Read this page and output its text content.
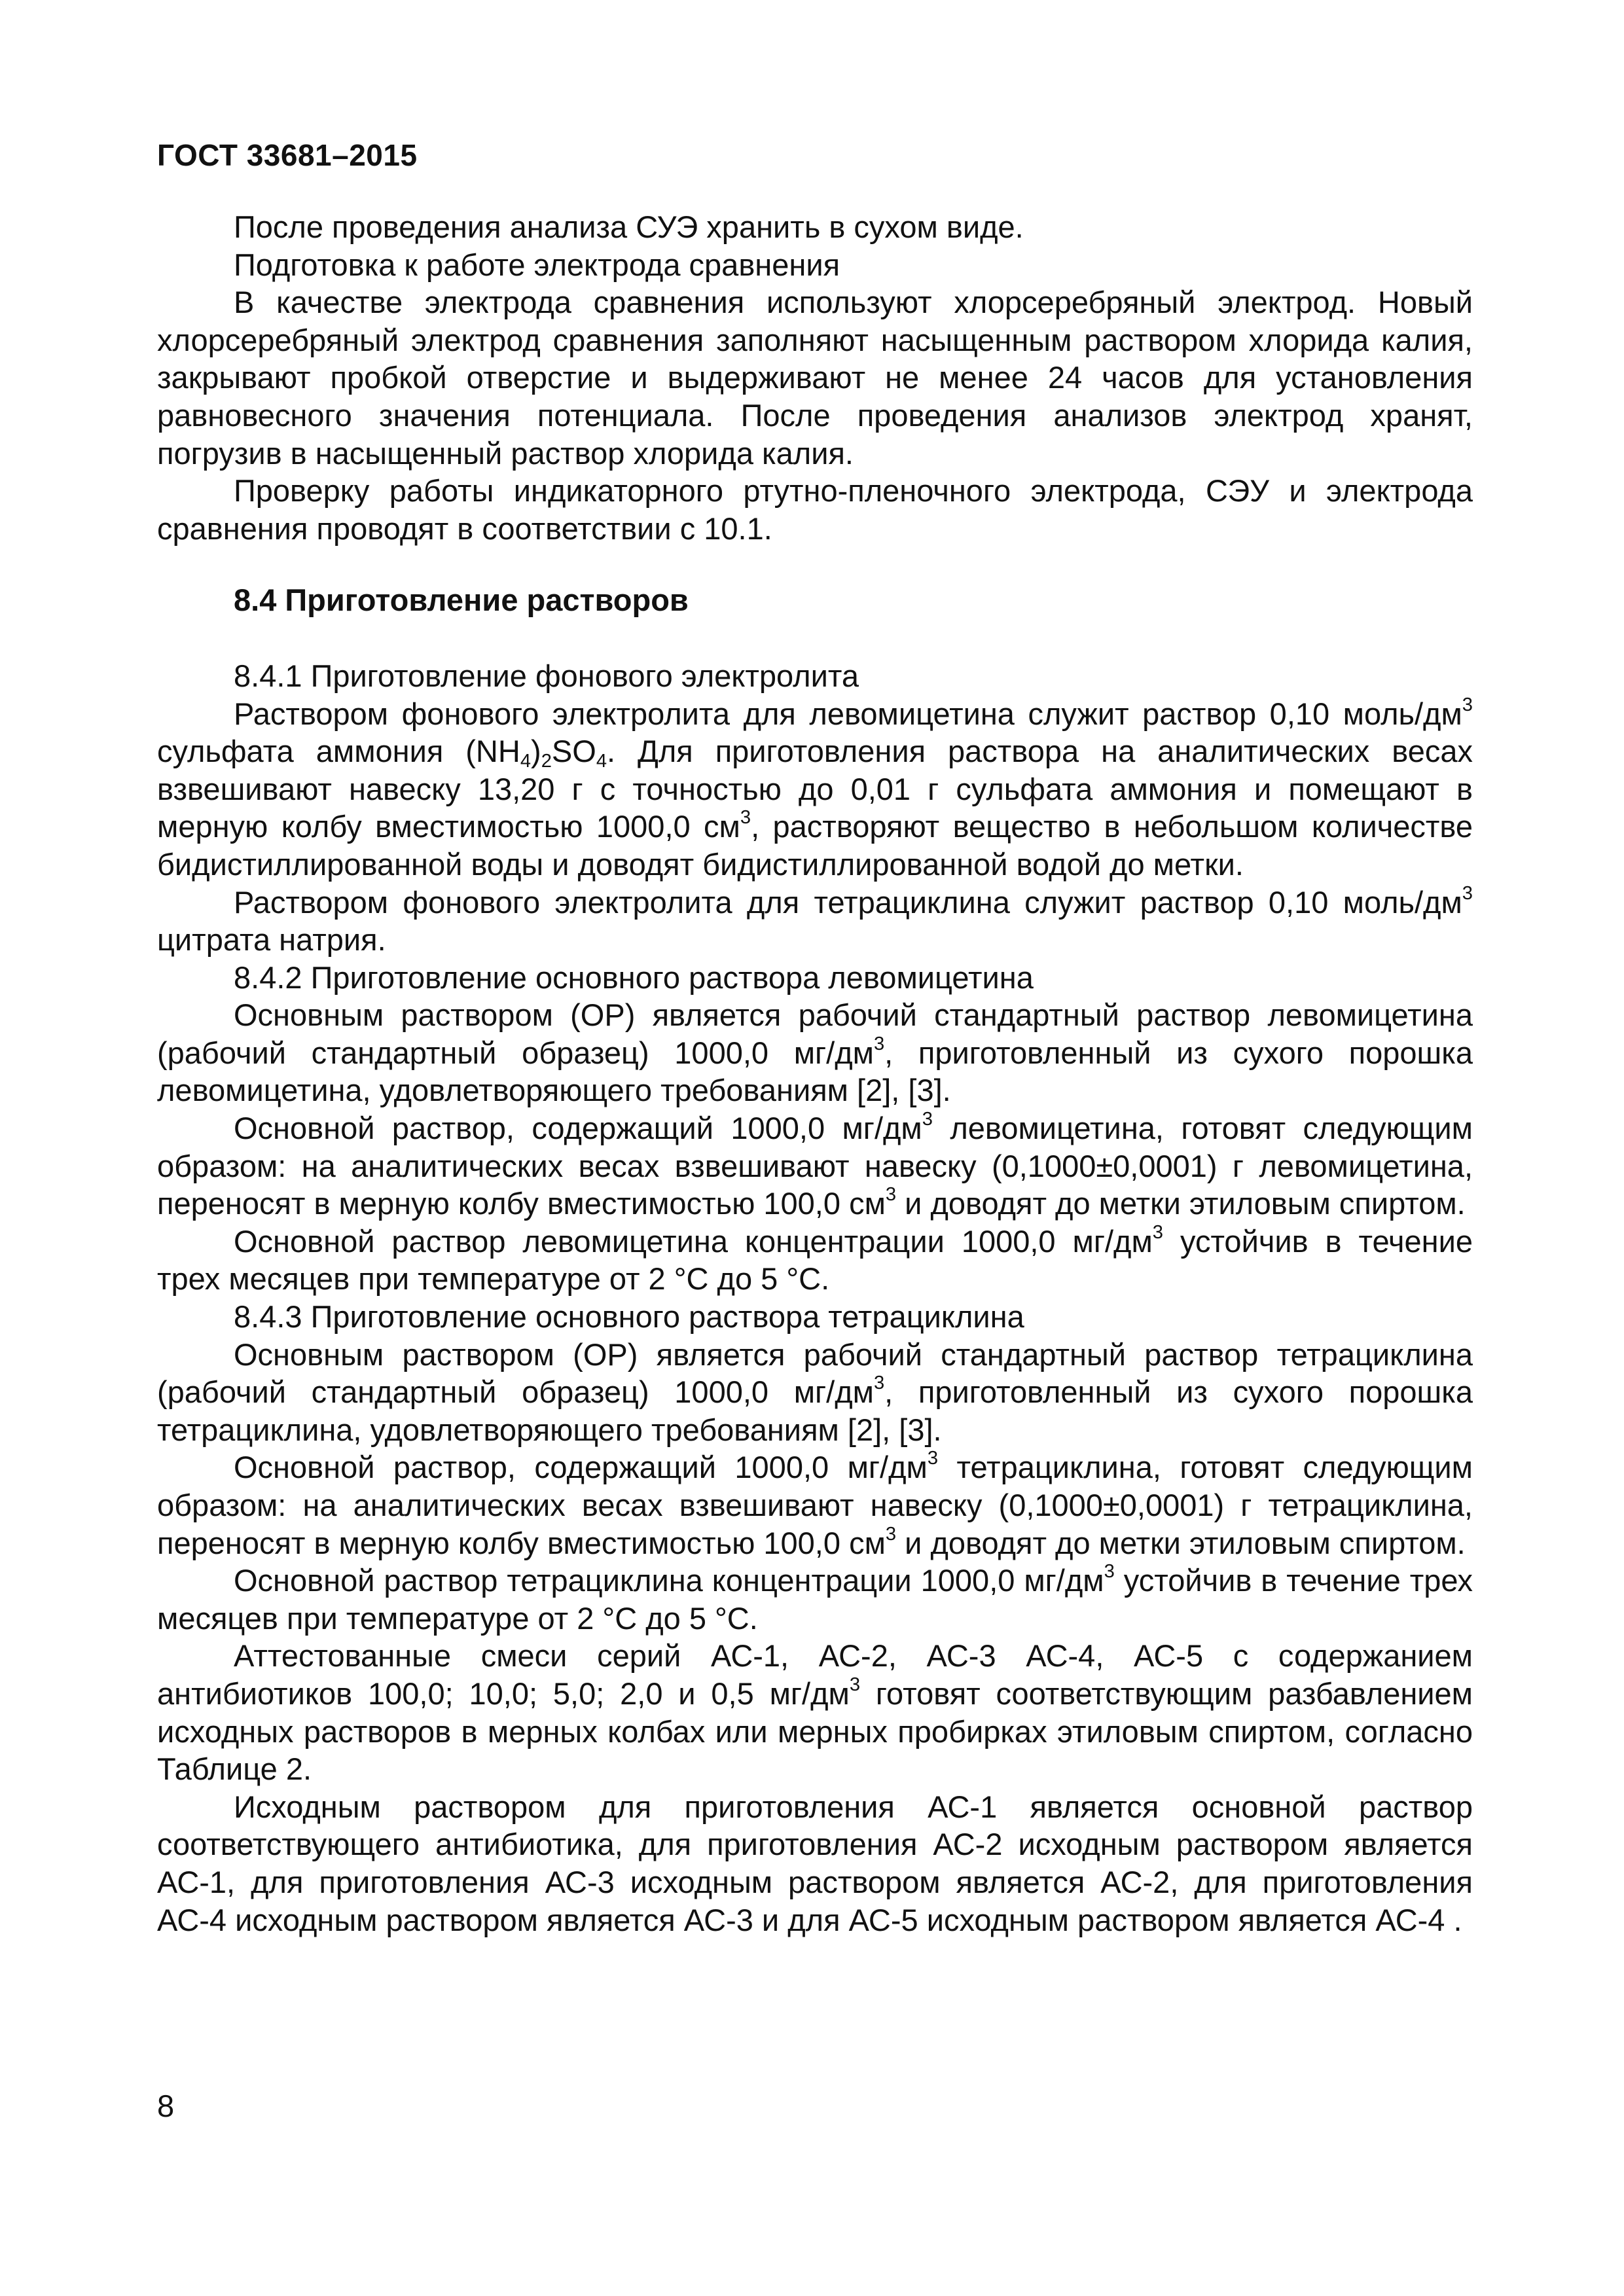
ГОСТ 33681–2015

После проведения анализа СУЭ хранить в сухом виде.

Подготовка к работе электрода сравнения

В качестве электрода сравнения используют хлорсеребряный электрод. Новый хлорсеребряный электрод сравнения заполняют насыщенным раствором хлорида калия, закрывают пробкой отверстие и выдерживают не менее 24 часов для установления равновесного значения потенциала. После проведения анализов электрод хранят, погрузив в насыщенный раствор хлорида калия.

Проверку работы индикаторного ртутно-пленочного электрода, СЭУ и электрода сравнения проводят в соответствии с 10.1.

8.4 Приготовление растворов

8.4.1 Приготовление фонового электролита

Раствором фонового электролита для левомицетина служит раствор 0,10 моль/$дм^3$ сульфата аммония $(NH_4)_2SO_4$. Для приготовления раствора на аналитических весах взвешивают навеску 13,20 г с точностью до 0,01 г сульфата аммония и помещают в мерную колбу вместимостью 1000,0 $см^3$, растворяют вещество в небольшом количестве бидистиллированной воды и доводят бидистиллированной водой до метки.

Раствором фонового электролита для тетрациклина служит раствор 0,10 моль/$дм^3$ цитрата натрия.

8.4.2 Приготовление основного раствора левомицетина

Основным раствором (ОР) является рабочий стандартный раствор левомицетина (рабочий стандартный образец) 1000,0 $мг/дм^3$, приготовленный из сухого порошка левомицетина, удовлетворяющего требованиям [2], [3].

Основной раствор, содержащий 1000,0 $мг/дм^3$ левомицетина, готовят следующим образом: на аналитических весах взвешивают навеску (0,1000±0,0001) г левомицетина, переносят в мерную колбу вместимостью 100,0 $см^3$ и доводят до метки этиловым спиртом.

Основной раствор левомицетина концентрации 1000,0 $мг/дм^3$ устойчив в течение трех месяцев при температуре от 2 °С до 5 °С.

8.4.3 Приготовление основного раствора тетрациклина

Основным раствором (ОР) является рабочий стандартный раствор тетрациклина (рабочий стандартный образец) 1000,0 $мг/дм^3$, приготовленный из сухого порошка тетрациклина, удовлетворяющего требованиям [2], [3].

Основной раствор, содержащий 1000,0 $мг/дм^3$ тетрациклина, готовят следующим образом: на аналитических весах взвешивают навеску (0,1000±0,0001) г тетрациклина, переносят в мерную колбу вместимостью 100,0 $см^3$ и доводят до метки этиловым спиртом.

Основной раствор тетрациклина концентрации 1000,0 $мг/дм^3$ устойчив в течение трех месяцев при температуре от 2 °С до 5 °С.

Аттестованные смеси серий АС-1, АС-2, АС-3 АС-4, АС-5 с содержанием антибиотиков 100,0; 10,0; 5,0; 2,0 и 0,5 $мг/дм^3$ готовят соответствующим разбавлением исходных растворов в мерных колбах или мерных пробирках этиловым спиртом, согласно Таблице 2.

Исходным раствором для приготовления АС-1 является основной раствор соответствующего антибиотика, для приготовления АС-2 исходным раствором является АС-1, для приготовления АС-3 исходным раствором является АС-2, для приготовления АС-4 исходным раствором является АС-3 и для АС-5 исходным раствором является АС-4 .

8
